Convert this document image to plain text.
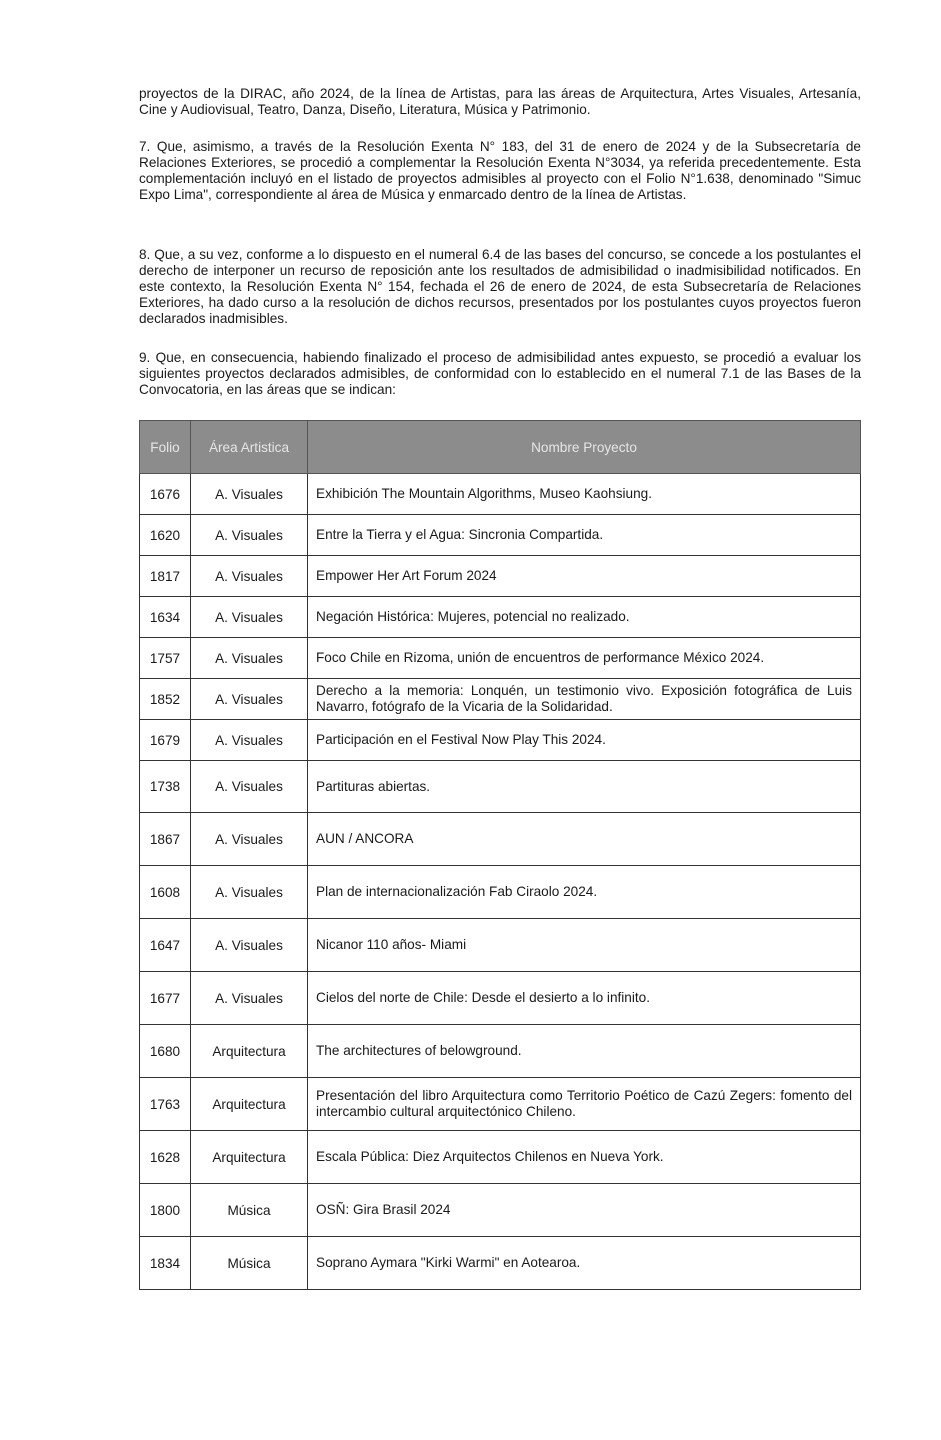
proyectos de la DIRAC, año 2024, de la línea de Artistas, para las áreas de Arquitectura, Artes Visuales, Artesanía, Cine y Audiovisual, Teatro, Danza, Diseño, Literatura, Música y Patrimonio.

7. Que, asimismo, a través de la Resolución Exenta N° 183, del 31 de enero de 2024 y de la Subsecretaría de Relaciones Exteriores, se procedió a complementar la Resolución Exenta N°3034, ya referida precedentemente. Esta complementación incluyó en el listado de proyectos admisibles al proyecto con el Folio N°1.638, denominado "Simuc Expo Lima", correspondiente al área de Música y enmarcado dentro de la línea de Artistas.

8. Que, a su vez, conforme a lo dispuesto en el numeral 6.4 de las bases del concurso, se concede a los postulantes el derecho de interponer un recurso de reposición ante los resultados de admisibilidad o inadmisibilidad notificados. En este contexto, la Resolución Exenta N° 154, fechada el 26 de enero de 2024, de esta Subsecretaría de Relaciones Exteriores, ha dado curso a la resolución de dichos recursos, presentados por los postulantes cuyos proyectos fueron declarados inadmisibles.

9. Que, en consecuencia, habiendo finalizado el proceso de admisibilidad antes expuesto, se procedió a evaluar los siguientes proyectos declarados admisibles, de conformidad con lo establecido en el numeral 7.1 de las Bases de la Convocatoria, en las áreas que se indican:

Folio	Área Artistica	Nombre Proyecto
1676	A. Visuales	Exhibición The Mountain Algorithms, Museo Kaohsiung.

1620	A. Visuales	Entre la Tierra y el Agua: Sincronia Compartida.

1817	A. Visuales	Empower Her Art Forum 2024

1634	A. Visuales	Negación Histórica: Mujeres, potencial no realizado.

1757	A. Visuales	Foco Chile en Rizoma, unión de encuentros de performance México 2024.

1852	A. Visuales	Derecho a la memoria: Lonquén, un testimonio vivo. Exposición fotográfica de Luis Navarro, fotógrafo de la Vicaria de la Solidaridad.

1679	A. Visuales	Participación en el Festival Now Play This 2024.

1738	A. Visuales	Partituras abiertas.

1867	A. Visuales	AUN / ANCORA

1608	A. Visuales	Plan de internacionalización Fab Ciraolo 2024.

1647	A. Visuales	Nicanor 110 años- Miami

1677	A. Visuales	Cielos del norte de Chile: Desde el desierto a lo infinito.

1680	Arquitectura	The architectures of belowground.

1763	Arquitectura	Presentación del libro Arquitectura como Territorio Poético de Cazú Zegers: fomento del intercambio cultural arquitectónico Chileno.

1628	Arquitectura	Escala Pública: Diez Arquitectos Chilenos en Nueva York.

1800	Música	OSÑ: Gira Brasil 2024

1834	Música	Soprano Aymara "Kirki Warmi" en Aotearoa.
